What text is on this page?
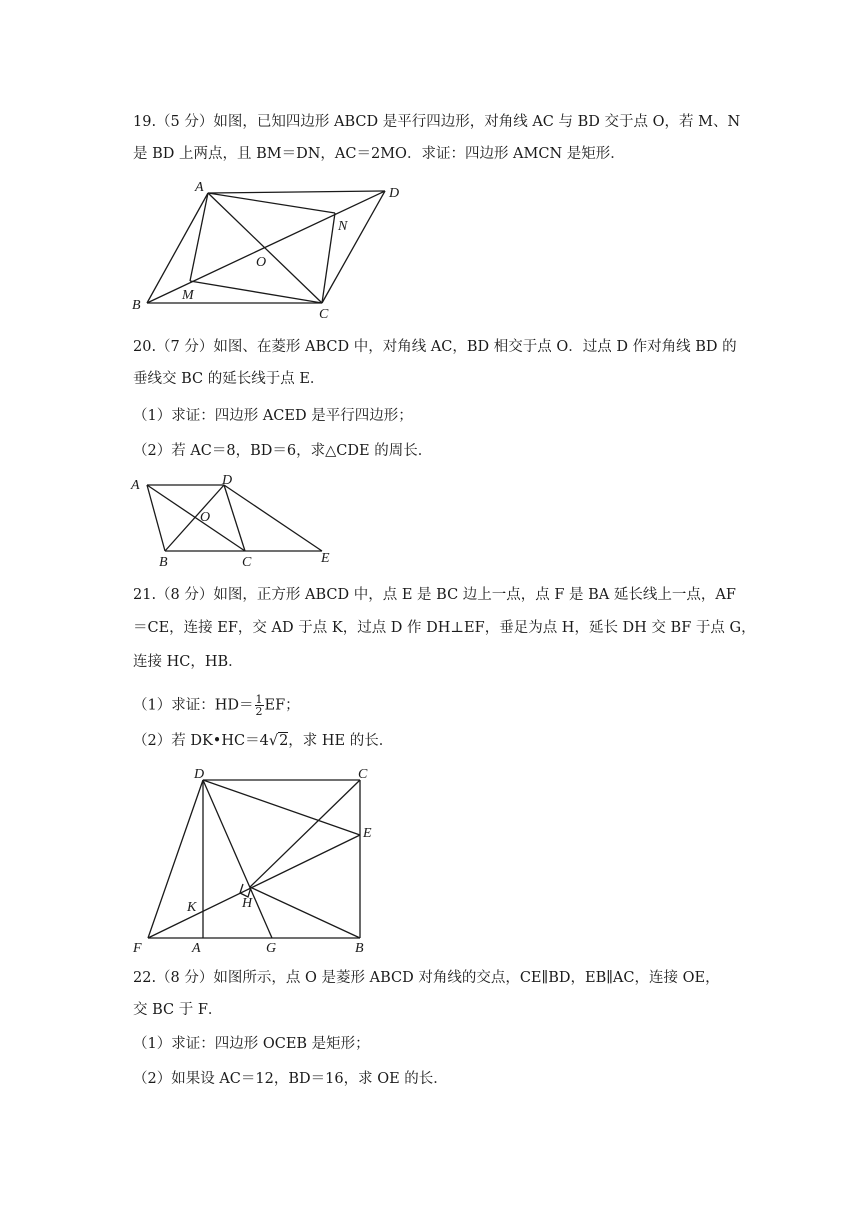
19.（5 分）如图，已知四边形 ABCD 是平行四边形，对角线 AC 与 BD 交于点 O，若 M、N
是 BD 上两点，且 BM＝DN，AC＝2MO．求证：四边形 AMCN 是矩形．
A	D
N
O
B
M
C
20.（7 分）如图、在菱形 ABCD 中，对角线 AC，BD 相交于点 O．过点 D 作对角线 BD 的
垂线交 BC 的延长线于点 E．
（1）求证：四边形 ACED 是平行四边形；
（2）若 AC＝8，BD＝6，求△CDE 的周长．
A	D
O
B	C	E
21.（8 分）如图，正方形 ABCD 中，点 E 是 BC 边上一点，点 F 是 BA 延长线上一点，AF
＝CE，连接 EF，交 AD 于点 K，过点 D 作 DH⊥EF，垂足为点 H，延长 DH 交 BF 于点 G，
连接 HC，HB．
（1）求证：$HD= \frac{1}{2}$ EF；
（2）若 DK•HC＝4√2，求 HE 的长．
D	C
E
H
K
F	A	G	B
22.（8 分）如图所示，点 O 是菱形 ABCD 对角线的交点，CE∥BD，EB∥AC，连接 OE，
交 BC 于 F．
（1）求证：四边形 OCEB 是矩形；
（2）如果设 AC＝12，BD＝16，求 OE 的长．
